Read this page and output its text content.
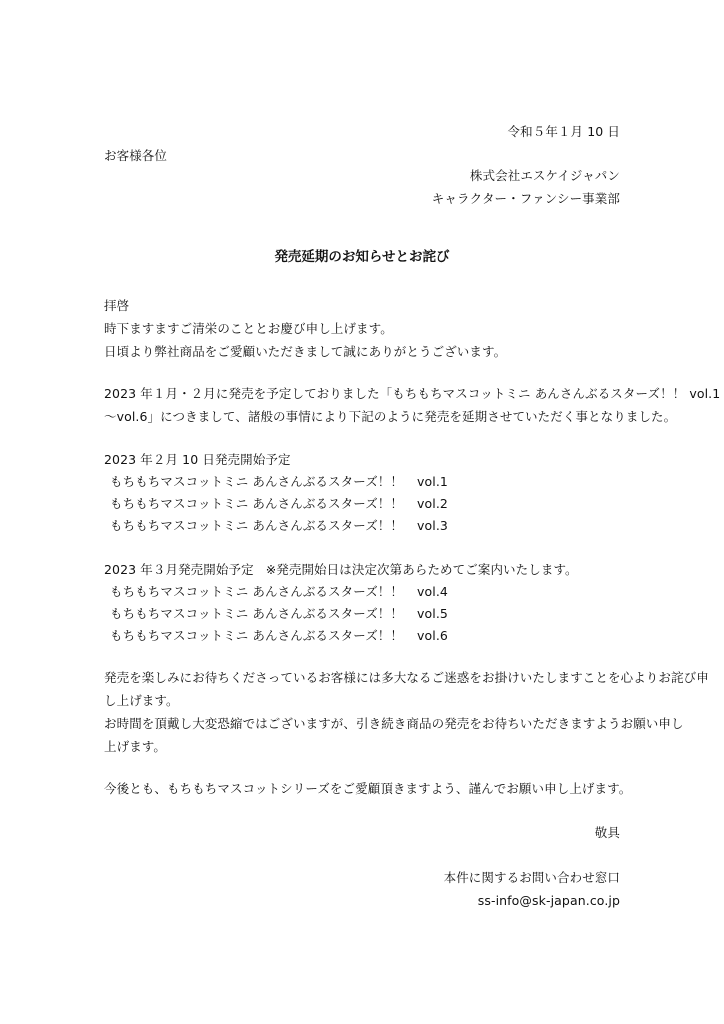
令和５年１月 10 日
お客様各位
株式会社エスケイジャパン
キャラクター・ファンシー事業部
発売延期のお知らせとお詫び
拝啓
時下ますますご清栄のこととお慶び申し上げます。
日頃より弊社商品をご愛顧いただきまして誠にありがとうございます。
2023 年１月・２月に発売を予定しておりました「もちもちマスコットミニ あんさんぶるスターズ！！ vol.1
～vol.6」につきまして、諸般の事情により下記のように発売を延期させていただく事となりました。
2023 年２月 10 日発売開始予定
もちもちマスコットミニ あんさんぶるスターズ！！ vol.1
もちもちマスコットミニ あんさんぶるスターズ！！ vol.2
もちもちマスコットミニ あんさんぶるスターズ！！ vol.3
2023 年３月発売開始予定 ※発売開始日は決定次第あらためてご案内いたします。
もちもちマスコットミニ あんさんぶるスターズ！！ vol.4
もちもちマスコットミニ あんさんぶるスターズ！！ vol.5
もちもちマスコットミニ あんさんぶるスターズ！！ vol.6
発売を楽しみにお待ちくださっているお客様には多大なるご迷惑をお掛けいたしますことを心よりお詫び申
し上げます。
お時間を頂戴し大変恐縮ではございますが、引き続き商品の発売をお待ちいただきますようお願い申し
上げます。
今後とも、もちもちマスコットシリーズをご愛顧頂きますよう、謹んでお願い申し上げます。
敬具
本件に関するお問い合わせ窓口
ss-info@sk-japan.co.jp
